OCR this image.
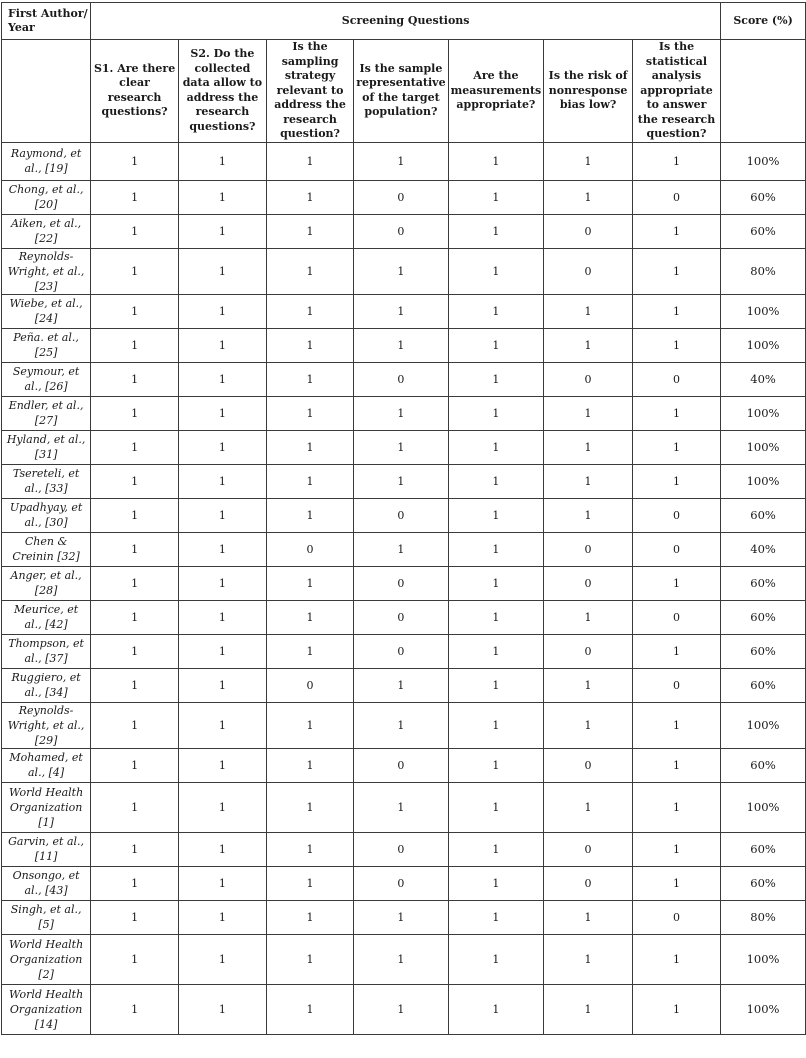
First Author/ Year	Screening Questions							Score (%)
	S1. Are there clear research questions?	S2. Do the collected data allow to address the research questions?	Is the sampling strategy relevant to address the research question?	Is the sample representative of the target population?	Are the measurements appropriate?	Is the risk of nonresponse bias low?	Is the statistical analysis appropriate to answer the research question?	
Raymond, et al., [19]	1	1	1	1	1	1	1	100%
Chong, et al., [20]	1	1	1	0	1	1	0	60%
Aiken, et al., [22]	1	1	1	0	1	0	1	60%
Reynolds-Wright, et al., [23]	1	1	1	1	1	0	1	80%
Wiebe, et al., [24]	1	1	1	1	1	1	1	100%
Peña. et al., [25]	1	1	1	1	1	1	1	100%
Seymour, et al., [26]	1	1	1	0	1	0	0	40%
Endler, et al., [27]	1	1	1	1	1	1	1	100%
Hyland, et al., [31]	1	1	1	1	1	1	1	100%
Tsereteli, et al., [33]	1	1	1	1	1	1	1	100%
Upadhyay, et al., [30]	1	1	1	0	1	1	0	60%
Chen & Creinin [32]	1	1	0	1	1	0	0	40%
Anger, et al., [28]	1	1	1	0	1	0	1	60%
Meurice, et al., [42]	1	1	1	0	1	1	0	60%
Thompson, et al., [37]	1	1	1	0	1	0	1	60%
Ruggiero, et al., [34]	1	1	0	1	1	1	0	60%
Reynolds-Wright, et al., [29]	1	1	1	1	1	1	1	100%
Mohamed, et al., [4]	1	1	1	0	1	0	1	60%
World Health Organization [1]	1	1	1	1	1	1	1	100%
Garvin, et al., [11]	1	1	1	0	1	0	1	60%
Onsongo, et al., [43]	1	1	1	0	1	0	1	60%
Singh, et al., [5]	1	1	1	1	1	1	0	80%
World Health Organization [2]	1	1	1	1	1	1	1	100%
World Health Organization [14]	1	1	1	1	1	1	1	100%
